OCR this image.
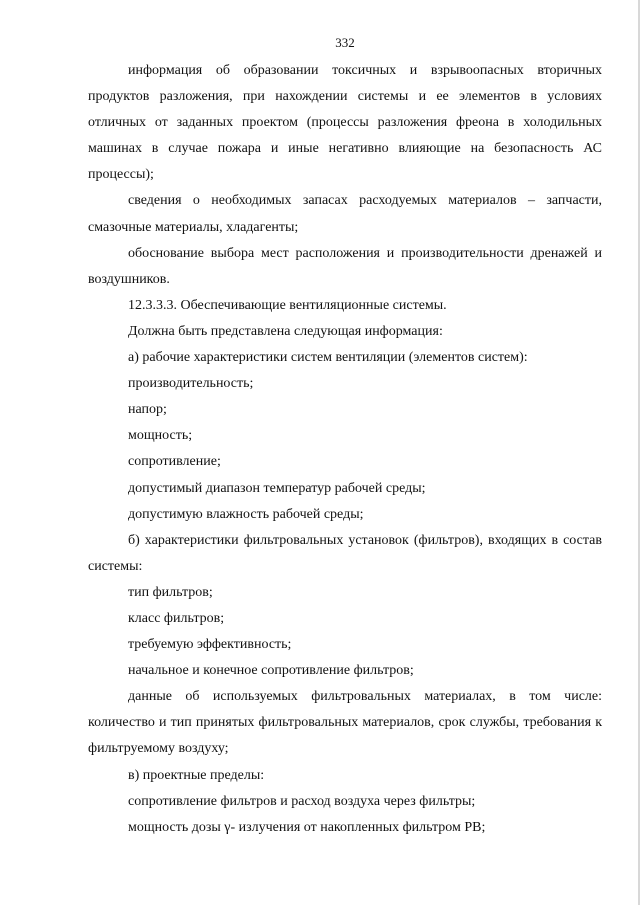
332

информация об образовании токсичных и взрывоопасных вторичных продуктов разложения, при нахождении системы и ее элементов в условиях отличных от заданных проектом (процессы разложения фреона в холодильных машинах в случае пожара и иные негативно влияющие на безопасность АС процессы);

сведения о необходимых запасах расходуемых материалов – запчасти, смазочные материалы, хладагенты;

обоснование выбора мест расположения и производительности дренажей и воздушников.

12.3.3.3. Обеспечивающие вентиляционные системы.

Должна быть представлена следующая информация:

а) рабочие характеристики систем вентиляции (элементов систем):

производительность;

напор;

мощность;

сопротивление;

допустимый диапазон температур рабочей среды;

допустимую влажность рабочей среды;

б) характеристики фильтровальных установок (фильтров), входящих в состав системы:

тип фильтров;

класс фильтров;

требуемую эффективность;

начальное и конечное сопротивление фильтров;

данные об используемых фильтровальных материалах, в том числе: количество и тип принятых фильтровальных материалов, срок службы, требования к фильтруемому воздуху;

в) проектные пределы:

сопротивление фильтров и расход воздуха через фильтры;

мощность дозы γ- излучения от накопленных фильтром РВ;
